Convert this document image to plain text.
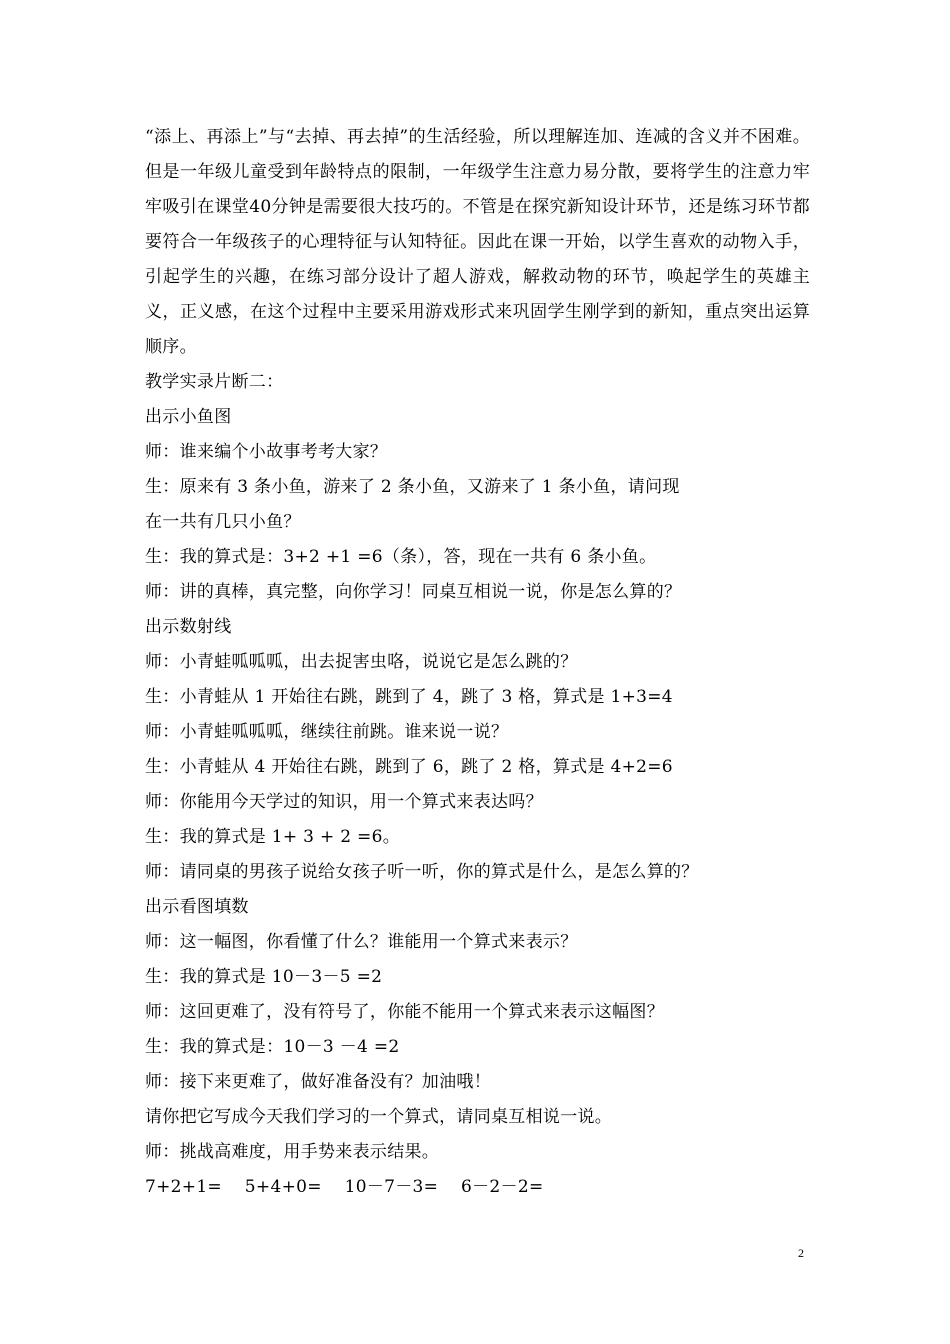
“添上、再添上”与“去掉、再去掉”的生活经验，所以理解连加、连减的含义并不困难。但是一年级儿童受到年龄特点的限制，一年级学生注意力易分散，要将学生的注意力牢牢吸引在课堂40分钟是需要很大技巧的。不管是在探究新知设计环节，还是练习环节都要符合一年级孩子的心理特征与认知特征。因此在课一开始，以学生喜欢的动物入手，引起学生的兴趣，在练习部分设计了超人游戏，解救动物的环节，唤起学生的英雄主义，正义感，在这个过程中主要采用游戏形式来巩固学生刚学到的新知，重点突出运算顺序。

教学实录片断二：

出示小鱼图

师：谁来编个小故事考考大家？

生：原来有 3 条小鱼，游来了 2 条小鱼，又游来了 1 条小鱼，请问现

在一共有几只小鱼？

生：我的算式是：3+2 +1 =6（条），答，现在一共有 6 条小鱼。

师：讲的真棒，真完整，向你学习！同桌互相说一说，你是怎么算的？

出示数射线

师：小青蛙呱呱呱，出去捉害虫咯，说说它是怎么跳的？

生：小青蛙从 1 开始往右跳，跳到了 4，跳了 3 格，算式是 1+3=4

师：小青蛙呱呱呱，继续往前跳。谁来说一说？

生：小青蛙从 4 开始往右跳，跳到了 6，跳了 2 格，算式是 4+2=6

师：你能用今天学过的知识，用一个算式来表达吗？

生：我的算式是 1+ 3 + 2 =6。

师：请同桌的男孩子说给女孩子听一听，你的算式是什么，是怎么算的？

出示看图填数

师：这一幅图，你看懂了什么？谁能用一个算式来表示？

生：我的算式是 10－3－5 =2

师：这回更难了，没有符号了，你能不能用一个算式来表示这幅图？

生：我的算式是：10－3 －4 =2

师：接下来更难了，做好准备没有？加油哦！

请你把它写成今天我们学习的一个算式，请同桌互相说一说。

师：挑战高难度，用手势来表示结果。

7+2+1=    5+4+0=    10－7－3=    6－2－2=

2
